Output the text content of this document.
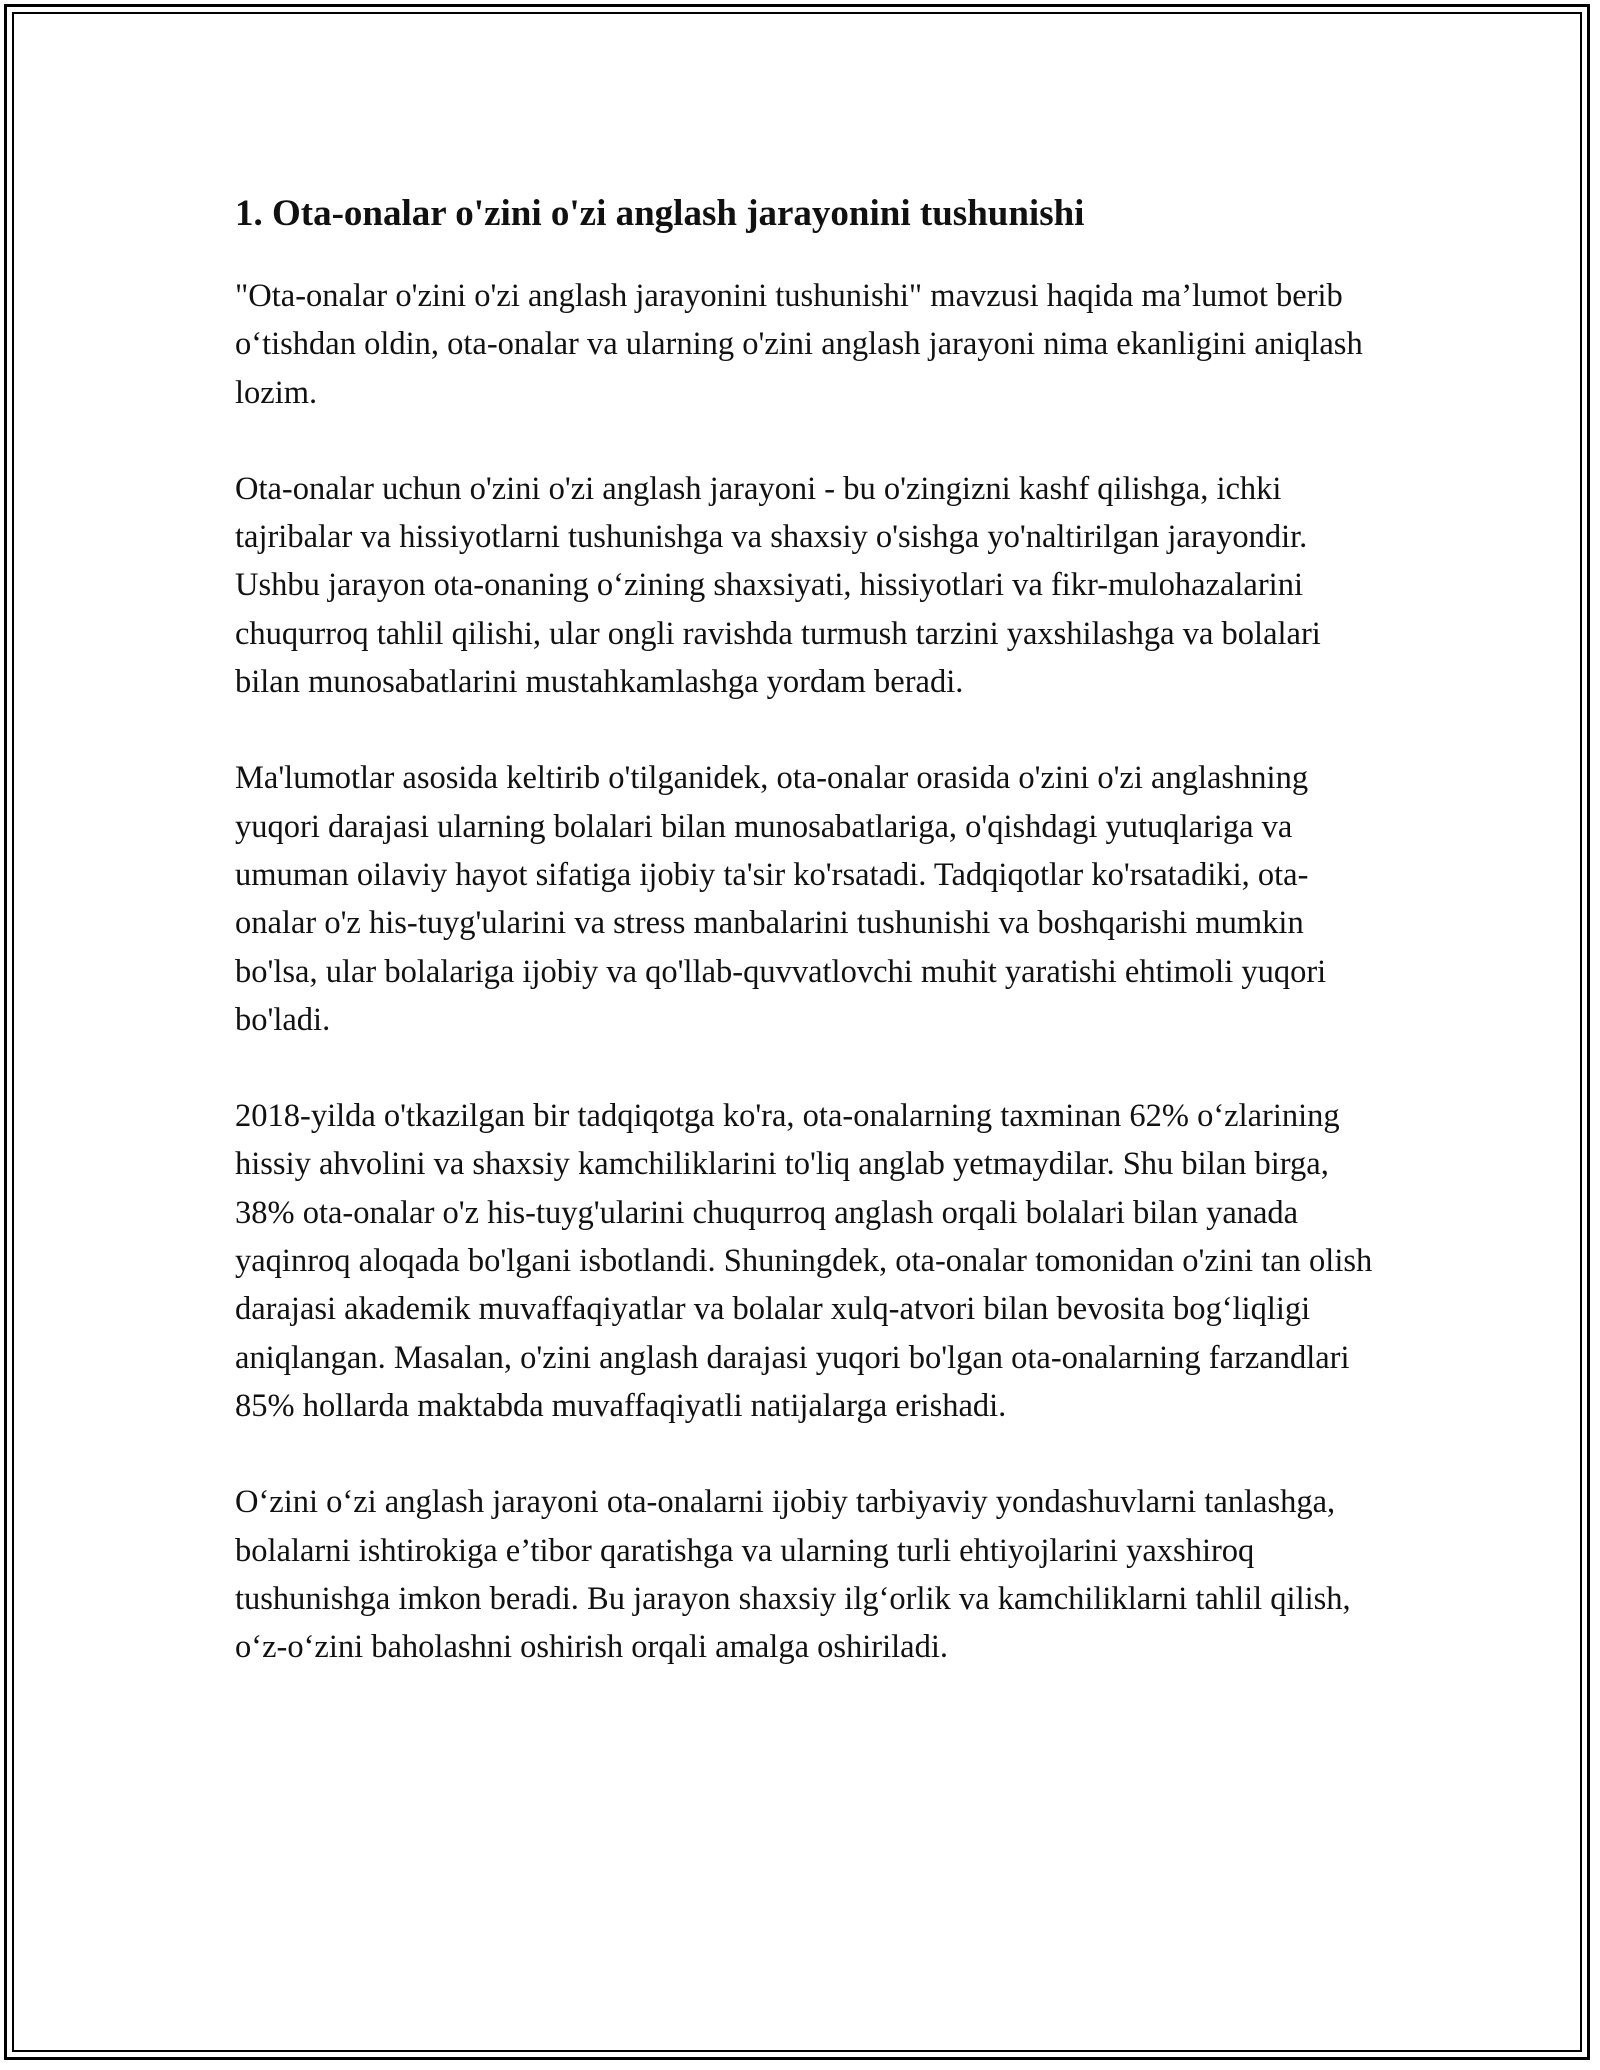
1. Ota-onalar o'zini o'zi anglash jarayonini tushunishi

"Ota-onalar o'zini o'zi anglash jarayonini tushunishi" mavzusi haqida ma’lumot berib oʻtishdan oldin, ota-onalar va ularning o'zini anglash jarayoni nima ekanligini aniqlash lozim.

Ota-onalar uchun o'zini o'zi anglash jarayoni - bu o'zingizni kashf qilishga, ichki tajribalar va hissiyotlarni tushunishga va shaxsiy o'sishga yo'naltirilgan jarayondir. Ushbu jarayon ota-onaning oʻzining shaxsiyati, hissiyotlari va fikr-mulohazalarini chuqurroq tahlil qilishi, ular ongli ravishda turmush tarzini yaxshilashga va bolalari bilan munosabatlarini mustahkamlashga yordam beradi.

Ma'lumotlar asosida keltirib o'tilganidek, ota-onalar orasida o'zini o'zi anglashning yuqori darajasi ularning bolalari bilan munosabatlariga, o'qishdagi yutuqlariga va umuman oilaviy hayot sifatiga ijobiy ta'sir ko'rsatadi. Tadqiqotlar ko'rsatadiki, ota-onalar o'z his-tuyg'ularini va stress manbalarini tushunishi va boshqarishi mumkin bo'lsa, ular bolalariga ijobiy va qo'llab-quvvatlovchi muhit yaratishi ehtimoli yuqori bo'ladi.

2018-yilda o'tkazilgan bir tadqiqotga ko'ra, ota-onalarning taxminan 62% oʻzlarining hissiy ahvolini va shaxsiy kamchiliklarini to'liq anglab yetmaydilar. Shu bilan birga, 38% ota-onalar o'z his-tuyg'ularini chuqurroq anglash orqali bolalari bilan yanada yaqinroq aloqada bo'lgani isbotlandi. Shuningdek, ota-onalar tomonidan o'zini tan olish darajasi akademik muvaffaqiyatlar va bolalar xulq-atvori bilan bevosita bogʻliqligi aniqlangan. Masalan, o'zini anglash darajasi yuqori bo'lgan ota-onalarning farzandlari 85% hollarda maktabda muvaffaqiyatli natijalarga erishadi.

Oʻzini oʻzi anglash jarayoni ota-onalarni ijobiy tarbiyaviy yondashuvlarni tanlashga, bolalarni ishtirokiga e’tibor qaratishga va ularning turli ehtiyojlarini yaxshiroq tushunishga imkon beradi. Bu jarayon shaxsiy ilgʻorlik va kamchiliklarni tahlil qilish, oʻz-oʻzini baholashni oshirish orqali amalga oshiriladi.
